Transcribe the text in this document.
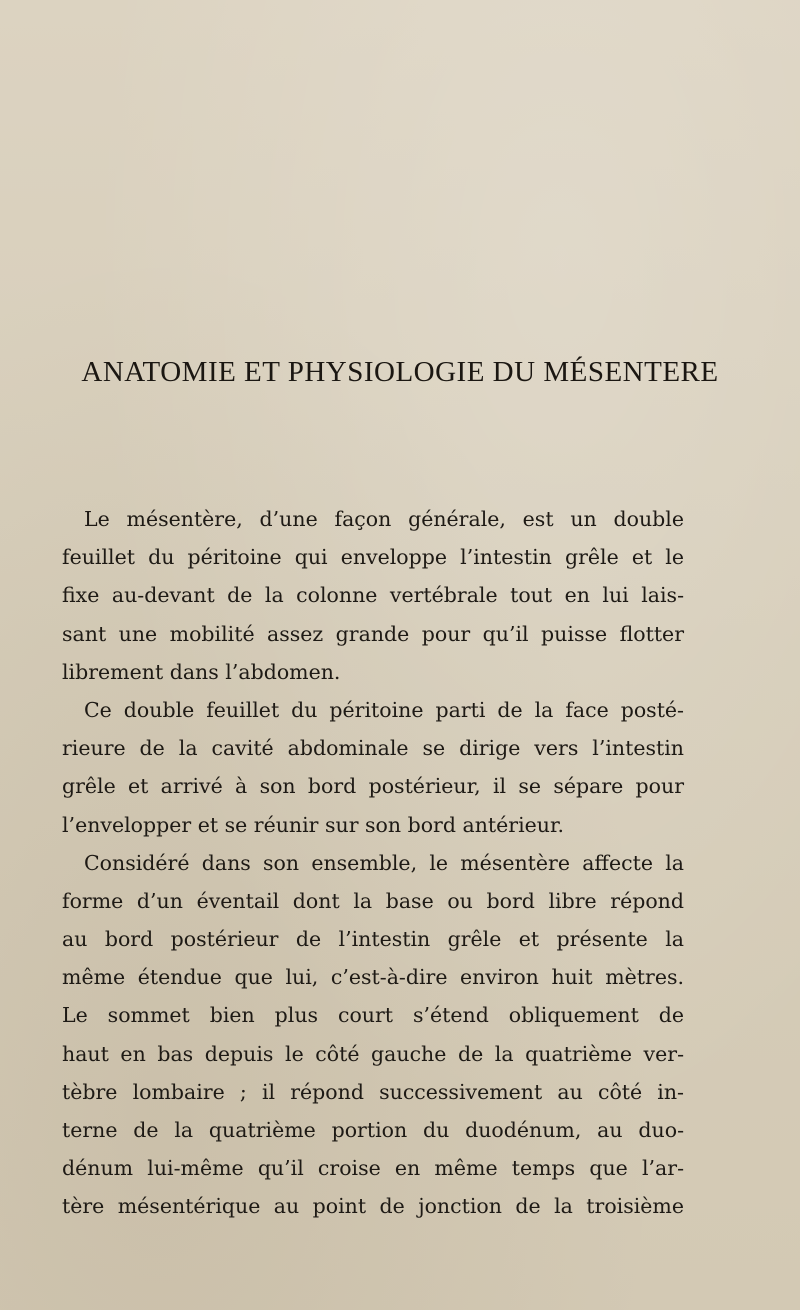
ANATOMIE ET PHYSIOLOGIE DU MÉSENTERE
Le mésentère, d’une façon générale, est un double
feuillet du péritoine qui enveloppe l’intestin grêle et le
fixe au-devant de la colonne vertébrale tout en lui lais-
sant une mobilité assez grande pour qu’il puisse flotter
librement dans l’abdomen.
Ce double feuillet du péritoine parti de la face posté-
rieure de la cavité abdominale se dirige vers l’intestin
grêle et arrivé à son bord postérieur, il se sépare pour
l’envelopper et se réunir sur son bord antérieur.
Considéré dans son ensemble, le mésentère affecte la
forme d’un éventail dont la base ou bord libre répond
au bord postérieur de l’intestin grêle et présente la
même étendue que lui, c’est-à-dire environ huit mètres.
Le sommet bien plus court s’étend obliquement de
haut en bas depuis le côté gauche de la quatrième ver-
tèbre lombaire ; il répond successivement au côté in-
terne de la quatrième portion du duodénum, au duo-
dénum lui-même qu’il croise en même temps que l’ar-
tère mésentérique au point de jonction de la troisième
